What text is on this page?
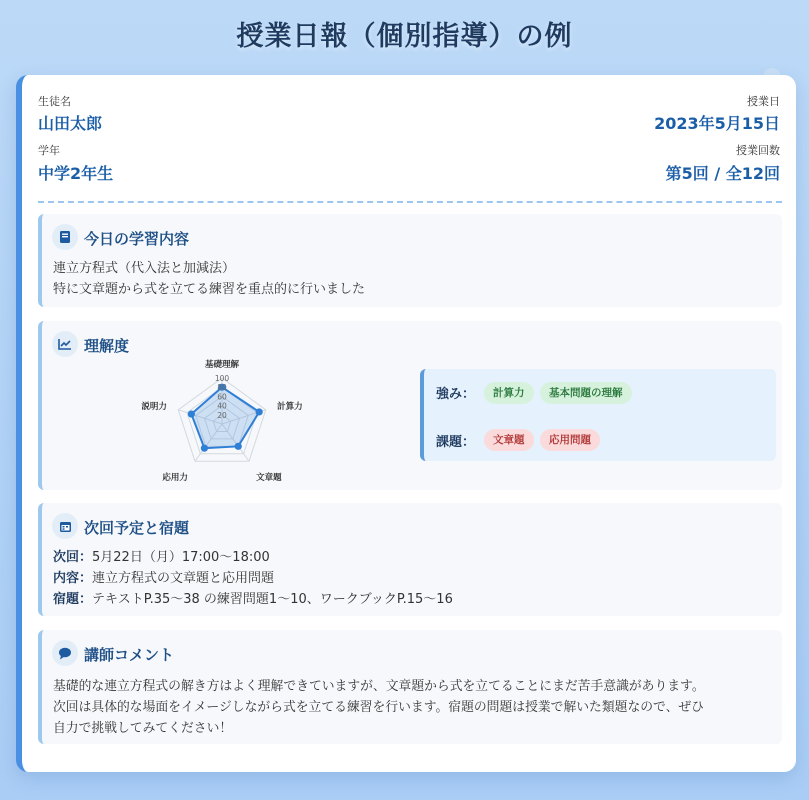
授業日報（個別指導）の例
生徒名
山田太郎
学年
中学2年生
授業日
2023年5月15日
授業回数
第5回 / 全12回
今日の学習内容
連立方程式（代入法と加減法）
特に文章題から式を立てる練習を重点的に行いました
理解度
20
40
60
80
100
基礎理解
計算力
文章題
応用力
説明力
強み：	計算力	基本問題の理解
課題：	文章題	応用問題
次回予定と宿題
次回：5月22日（月）17:00〜18:00
内容：連立方程式の文章題と応用問題
宿題：テキストP.35〜38 の練習問題1〜10、ワークブックP.15〜16
講師コメント
基礎的な連立方程式の解き方はよく理解できていますが、文章題から式を立てることにまだ苦手意識があります。
次回は具体的な場面をイメージしながら式を立てる練習を行います。宿題の問題は授業で解いた類題なので、ぜひ
自力で挑戦してみてください！
